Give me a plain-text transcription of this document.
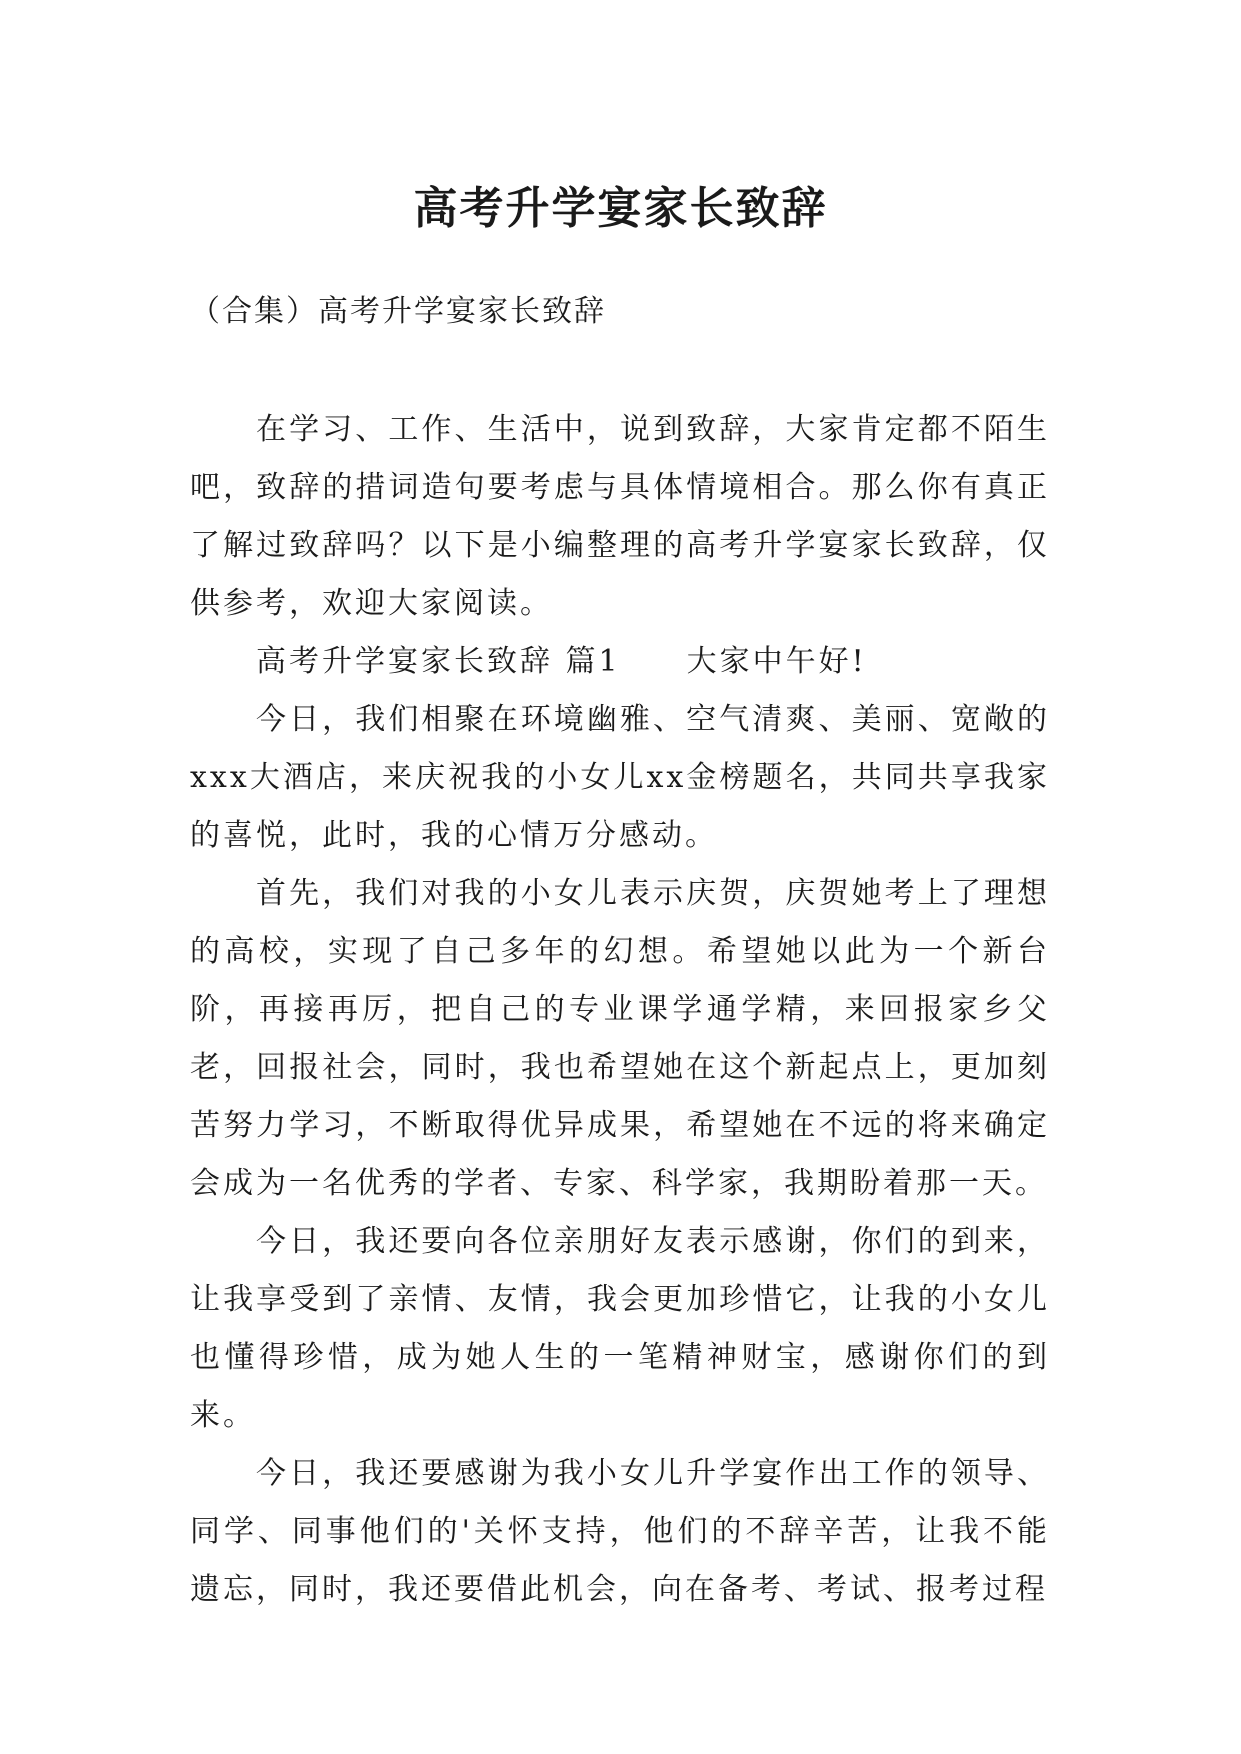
高考升学宴家长致辞
（合集）高考升学宴家长致辞

在学习、工作、生活中，说到致辞，大家肯定都不陌生吧，致辞的措词造句要考虑与具体情境相合。那么你有真正了解过致辞吗？以下是小编整理的高考升学宴家长致辞，仅供参考，欢迎大家阅读。

高考升学宴家长致辞 篇1　　大家中午好!

今日，我们相聚在环境幽雅、空气清爽、美丽、宽敞的xxx大酒店，来庆祝我的小女儿xx金榜题名，共同共享我家的喜悦，此时，我的心情万分感动。

首先，我们对我的小女儿表示庆贺，庆贺她考上了理想的高校，实现了自己多年的幻想。希望她以此为一个新台阶，再接再厉，把自己的专业课学通学精，来回报家乡父老，回报社会，同时，我也希望她在这个新起点上，更加刻苦努力学习，不断取得优异成果，希望她在不远的将来确定会成为一名优秀的学者、专家、科学家，我期盼着那一天。

今日，我还要向各位亲朋好友表示感谢，你们的到来，让我享受到了亲情、友情，我会更加珍惜它，让我的小女儿也懂得珍惜，成为她人生的一笔精神财宝，感谢你们的到来。

今日，我还要感谢为我小女儿升学宴作出工作的领导、同学、同事他们的'关怀支持，他们的不辞辛苦，让我不能遗忘，同时，我还要借此机会，向在备考、考试、报考过程
